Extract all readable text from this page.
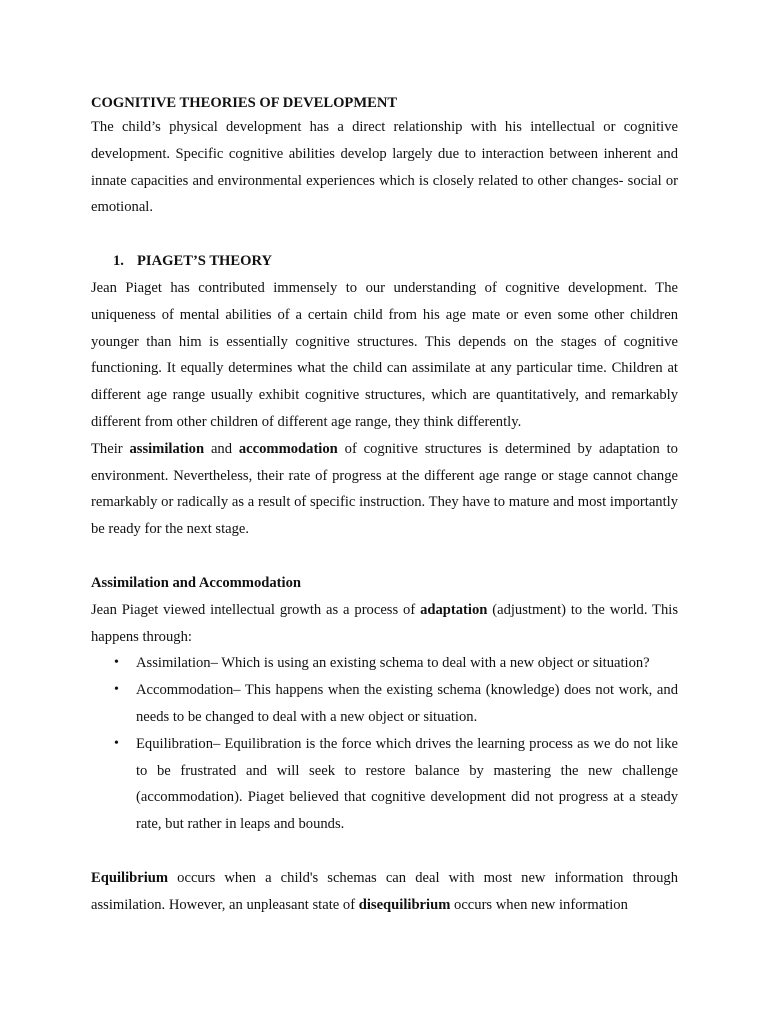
COGNITIVE THEORIES OF DEVELOPMENT

The child’s physical development has a direct relationship with his intellectual or cognitive development. Specific cognitive abilities develop largely due to interaction between inherent and innate capacities and environmental experiences which is closely related to other changes- social or emotional.

1. PIAGET’S THEORY

Jean Piaget has contributed immensely to our understanding of cognitive development. The uniqueness of mental abilities of a certain child from his age mate or even some other children younger than him is essentially cognitive structures. This depends on the stages of cognitive functioning. It equally determines what the child can assimilate at any particular time. Children at different age range usually exhibit cognitive structures, which are quantitatively, and remarkably different from other children of different age range, they think differently.

Their assimilation and accommodation of cognitive structures is determined by adaptation to environment. Nevertheless, their rate of progress at the different age range or stage cannot change remarkably or radically as a result of specific instruction. They have to mature and most importantly be ready for the next stage.

Assimilation and Accommodation

Jean Piaget viewed intellectual growth as a process of adaptation (adjustment) to the world. This happens through:

• Assimilation– Which is using an existing schema to deal with a new object or situation?
• Accommodation– This happens when the existing schema (knowledge) does not work, and needs to be changed to deal with a new object or situation.
• Equilibration– Equilibration is the force which drives the learning process as we do not like to be frustrated and will seek to restore balance by mastering the new challenge (accommodation). Piaget believed that cognitive development did not progress at a steady rate, but rather in leaps and bounds.

Equilibrium occurs when a child's schemas can deal with most new information through assimilation. However, an unpleasant state of disequilibrium occurs when new information
